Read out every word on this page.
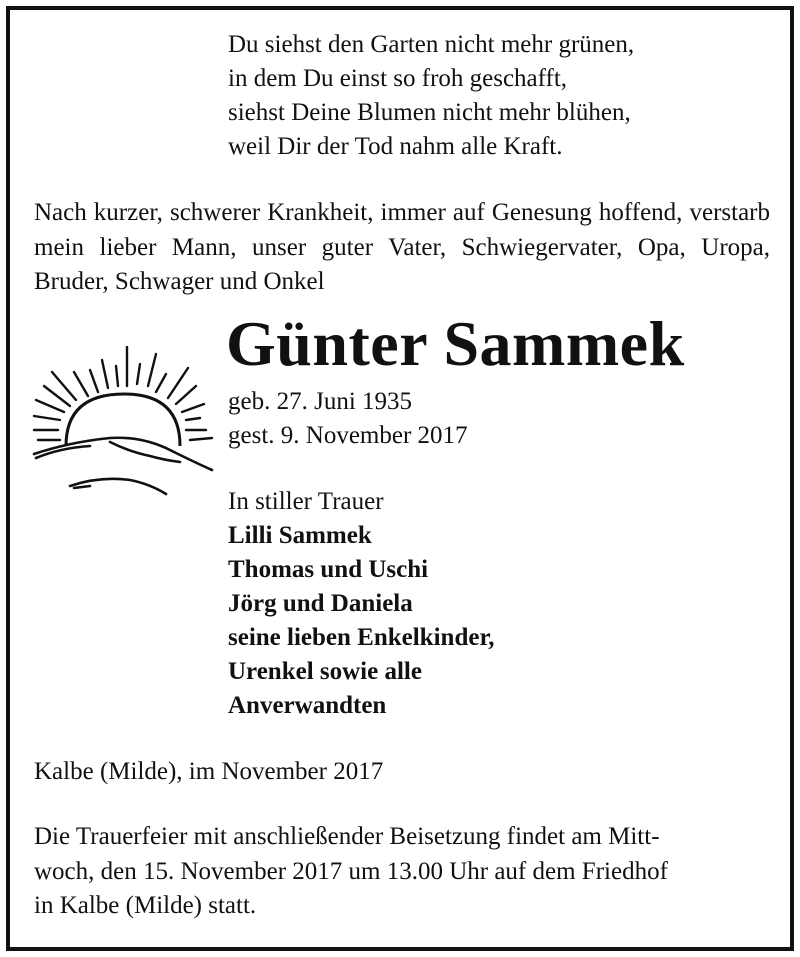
Du siehst den Garten nicht mehr grünen,
in dem Du einst so froh geschafft,
siehst Deine Blumen nicht mehr blühen,
weil Dir der Tod nahm alle Kraft.
Nach kurzer, schwerer Krankheit, immer auf Genesung hoffend, verstarb mein lieber Mann, unser guter Vater, Schwiegervater, Opa, Uropa, Bruder, Schwager und Onkel
Günter Sammek
geb. 27. Juni 1935
gest. 9. November 2017
In stiller Trauer
Lilli Sammek
Thomas und Uschi
Jörg und Daniela
seine lieben Enkelkinder,
Urenkel sowie alle
Anverwandten
Kalbe (Milde), im November 2017
Die Trauerfeier mit anschließender Beisetzung findet am Mitt-
woch, den 15. November 2017 um 13.00 Uhr auf dem Friedhof
in Kalbe (Milde) statt.
